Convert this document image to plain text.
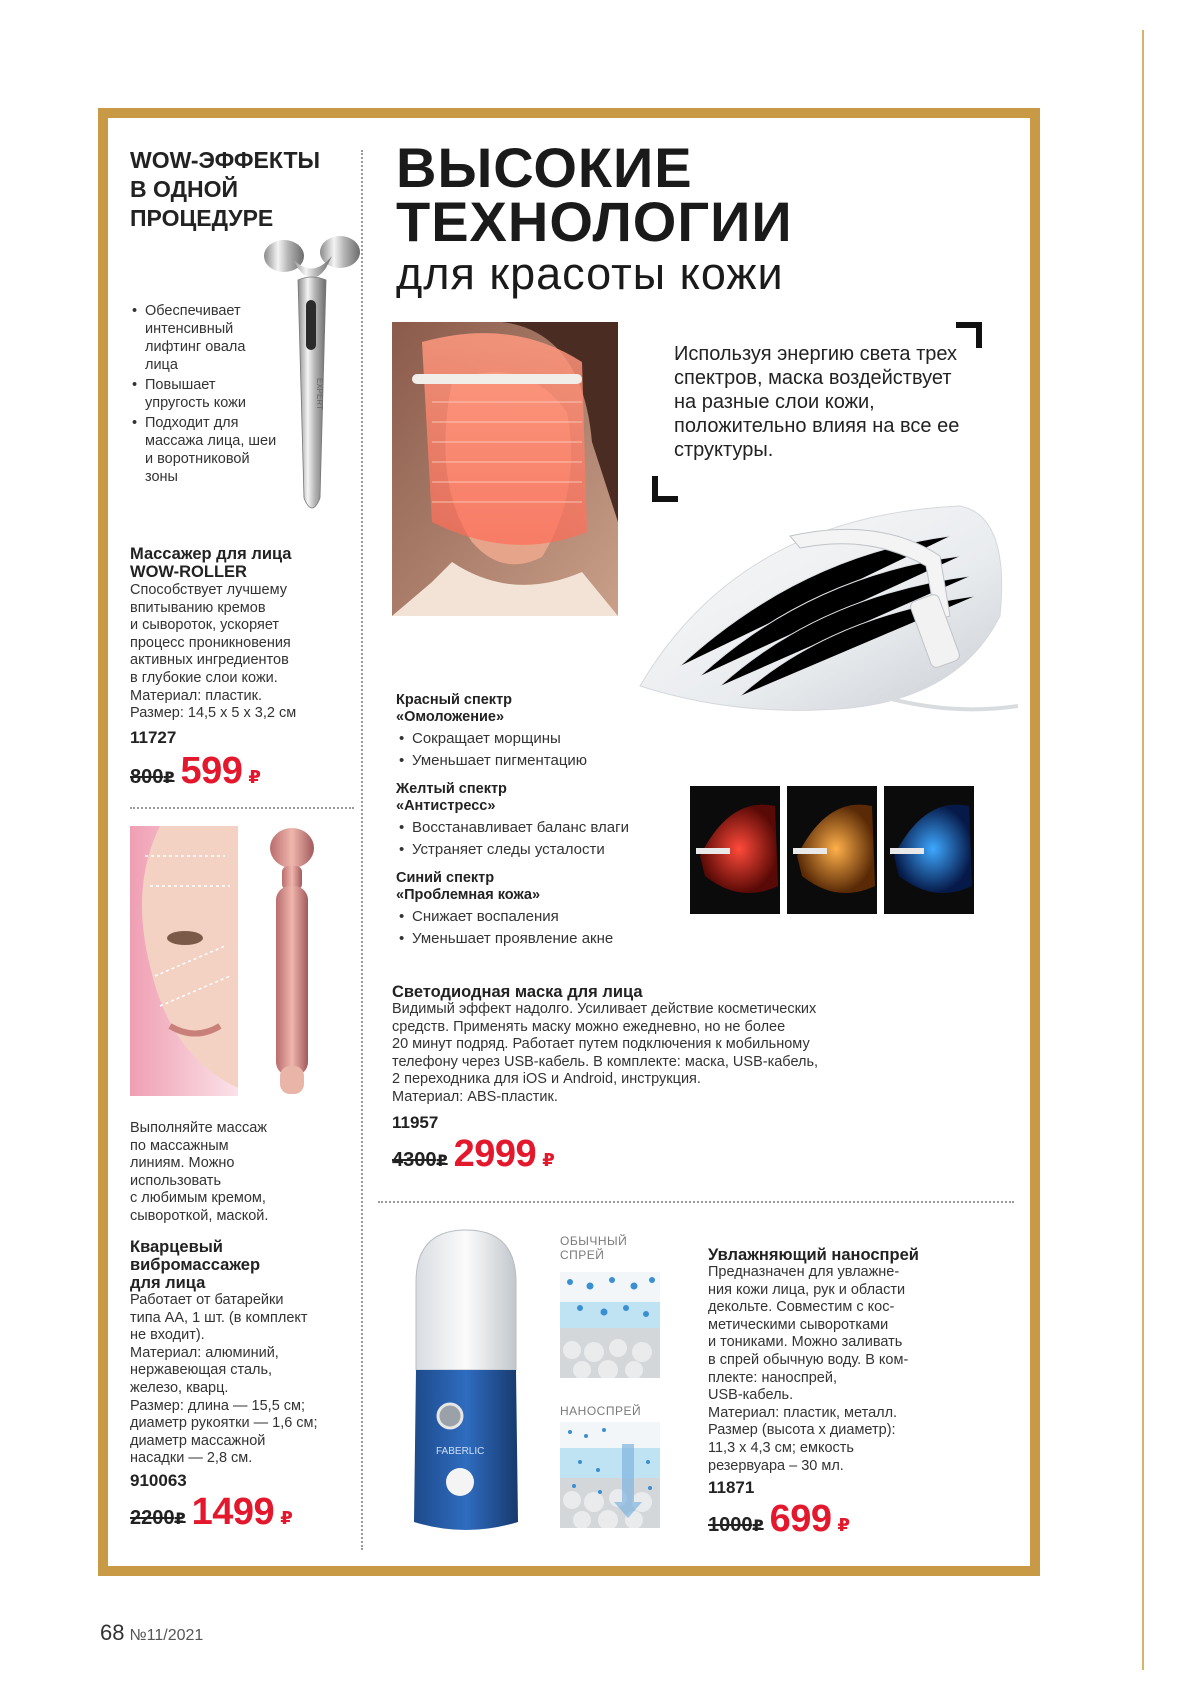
WOW-ЭФФЕКТЫ
В ОДНОЙ
ПРОЦЕДУРЕ
EXPERT
• Обеспечивает интенсивный лифтинг овала лица
• Повышает упругость кожи
• Подходит для массажа лица, шеи и воротниковой зоны
Массажер для лица
WOW-ROLLER
Способствует лучшему
впитыванию кремов
и сывороток, ускоряет
процесс проникновения
активных ингредиентов
в глубокие слои кожи.
Материал: пластик.
Размер: 14,5 х 5 х 3,2 см
11727
800₽ 599 ₽
Выполняйте массаж
по массажным
линиям. Можно
использовать
с любимым кремом,
сывороткой, маской.
Кварцевый
вибромассажер
для лица
Работает от батарейки
типа АА, 1 шт. (в комплект
не входит).
Материал: алюминий,
нержавеющая сталь,
железо, кварц.
Размер: длина — 15,5 см;
диаметр рукоятки — 1,6 см;
диаметр массажной
насадки — 2,8 см.
910063
2200₽ 1499 ₽
ВЫСОКИЕ
ТЕХНОЛОГИИ
для красоты кожи
Используя энергию света трех спектров, маска воздействует на разные слои кожи, положительно влияя на все ее структуры.
Красный спектр
«Омоложение»
• Сокращает морщины
• Уменьшает пигментацию
Желтый спектр
«Антистресс»
• Восстанавливает баланс влаги
• Устраняет следы усталости
Синий спектр
«Проблемная кожа»
• Снижает воспаления
• Уменьшает проявление акне
Светодиодная маска для лица
Видимый эффект надолго. Усиливает действие косметических
средств. Применять маску можно ежедневно, но не более
20 минут подряд. Работает путем подключения к мобильному
телефону через USB-кабель. В комплекте: маска, USB-кабель,
2 переходника для iOS и Android, инструкция.
Материал: ABS-пластик.
11957
4300₽ 2999 ₽
FABERLIC
ОБЫЧНЫЙ
СПРЕЙ
НАНОСПРЕЙ
Увлажняющий наноспрей
Предназначен для увлажне-
ния кожи лица, рук и области
декольте. Совместим с кос-
метическими сыворотками
и тониками. Можно заливать
в спрей обычную воду. В ком-
плекте: наноспрей,
USB-кабель.
Материал: пластик, металл.
Размер (высота х диаметр):
11,3 х 4,3 см; емкость
резервуара – 30 мл.
11871
1000₽ 699 ₽
68 №11/2021
